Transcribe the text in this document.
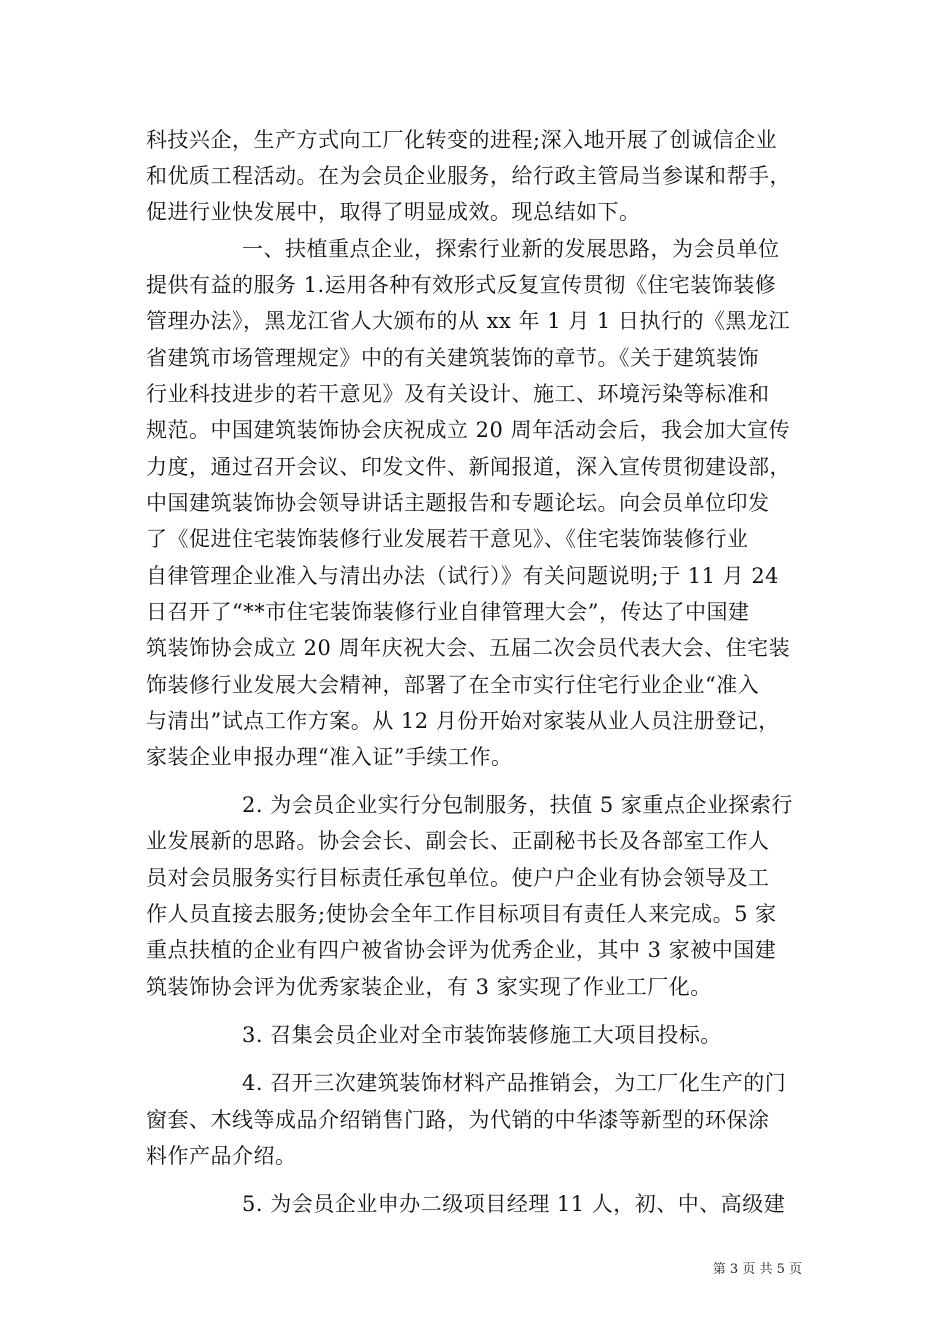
科技兴企，生产方式向工厂化转变的进程;深入地开展了创诚信企业
和优质工程活动。在为会员企业服务，给行政主管局当参谋和帮手，
促进行业快发展中，取得了明显成效。现总结如下。
一、扶植重点企业，探索行业新的发展思路，为会员单位
提供有益的服务 1.运用各种有效形式反复宣传贯彻《住宅装饰装修
管理办法》，黑龙江省人大颁布的从 xx 年 1 月 1 日执行的《黑龙江
省建筑市场管理规定》中的有关建筑装饰的章节。《关于建筑装饰
行业科技进步的若干意见》及有关设计、施工、环境污染等标准和
规范。中国建筑装饰协会庆祝成立 20 周年活动会后，我会加大宣传
力度，通过召开会议、印发文件、新闻报道，深入宣传贯彻建设部，
中国建筑装饰协会领导讲话主题报告和专题论坛。向会员单位印发
了《促进住宅装饰装修行业发展若干意见》、《住宅装饰装修行业
自律管理企业准入与清出办法（试行）》有关问题说明;于 11 月 24
日召开了“**市住宅装饰装修行业自律管理大会”，传达了中国建
筑装饰协会成立 20 周年庆祝大会、五届二次会员代表大会、住宅装
饰装修行业发展大会精神，部署了在全市实行住宅行业企业“准入
与清出”试点工作方案。从 12 月份开始对家装从业人员注册登记，
家装企业申报办理“准入证”手续工作。
2. 为会员企业实行分包制服务，扶值 5 家重点企业探索行
业发展新的思路。协会会长、副会长、正副秘书长及各部室工作人
员对会员服务实行目标责任承包单位。使户户企业有协会领导及工
作人员直接去服务;使协会全年工作目标项目有责任人来完成。5 家
重点扶植的企业有四户被省协会评为优秀企业，其中 3 家被中国建
筑装饰协会评为优秀家装企业，有 3 家实现了作业工厂化。
3. 召集会员企业对全市装饰装修施工大项目投标。
4. 召开三次建筑装饰材料产品推销会，为工厂化生产的门
窗套、木线等成品介绍销售门路，为代销的中华漆等新型的环保涂
料作产品介绍。
5. 为会员企业申办二级项目经理 11 人，初、中、高级建
第 3 页 共 5 页
